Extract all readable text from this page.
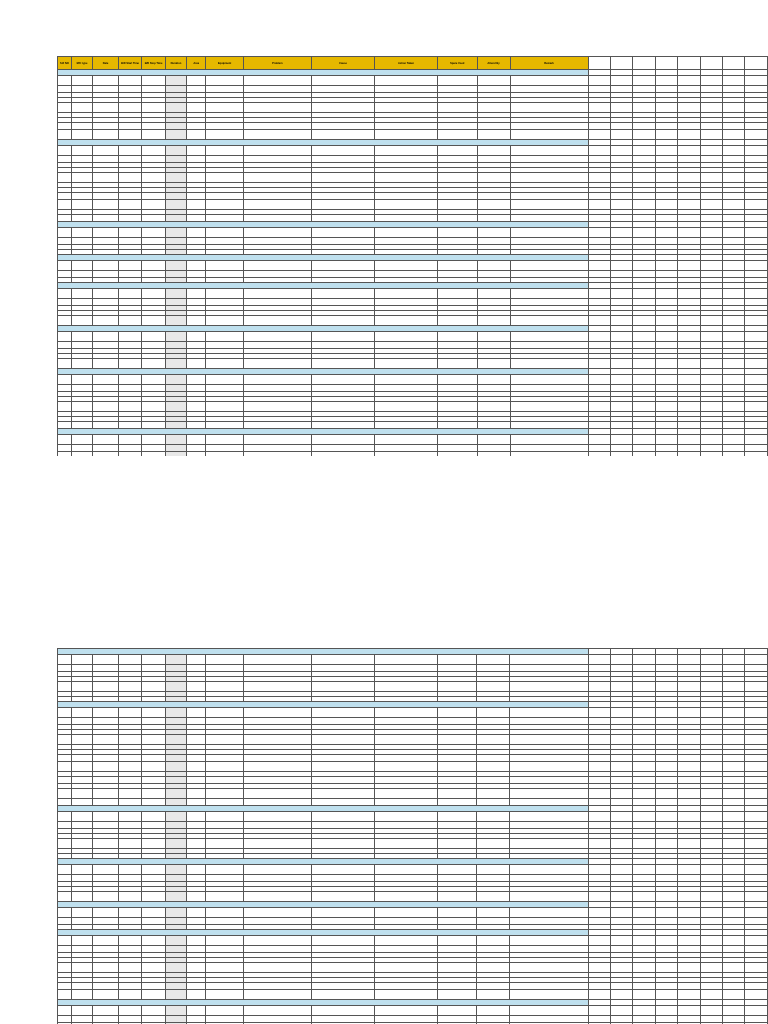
S.R NO	M/C type	Date	B/D Start Time	B/D Stop Time	Duration	Area	Equipment	Problem	Cause	Action Taken	Spare Used	Attend By	Remark								
